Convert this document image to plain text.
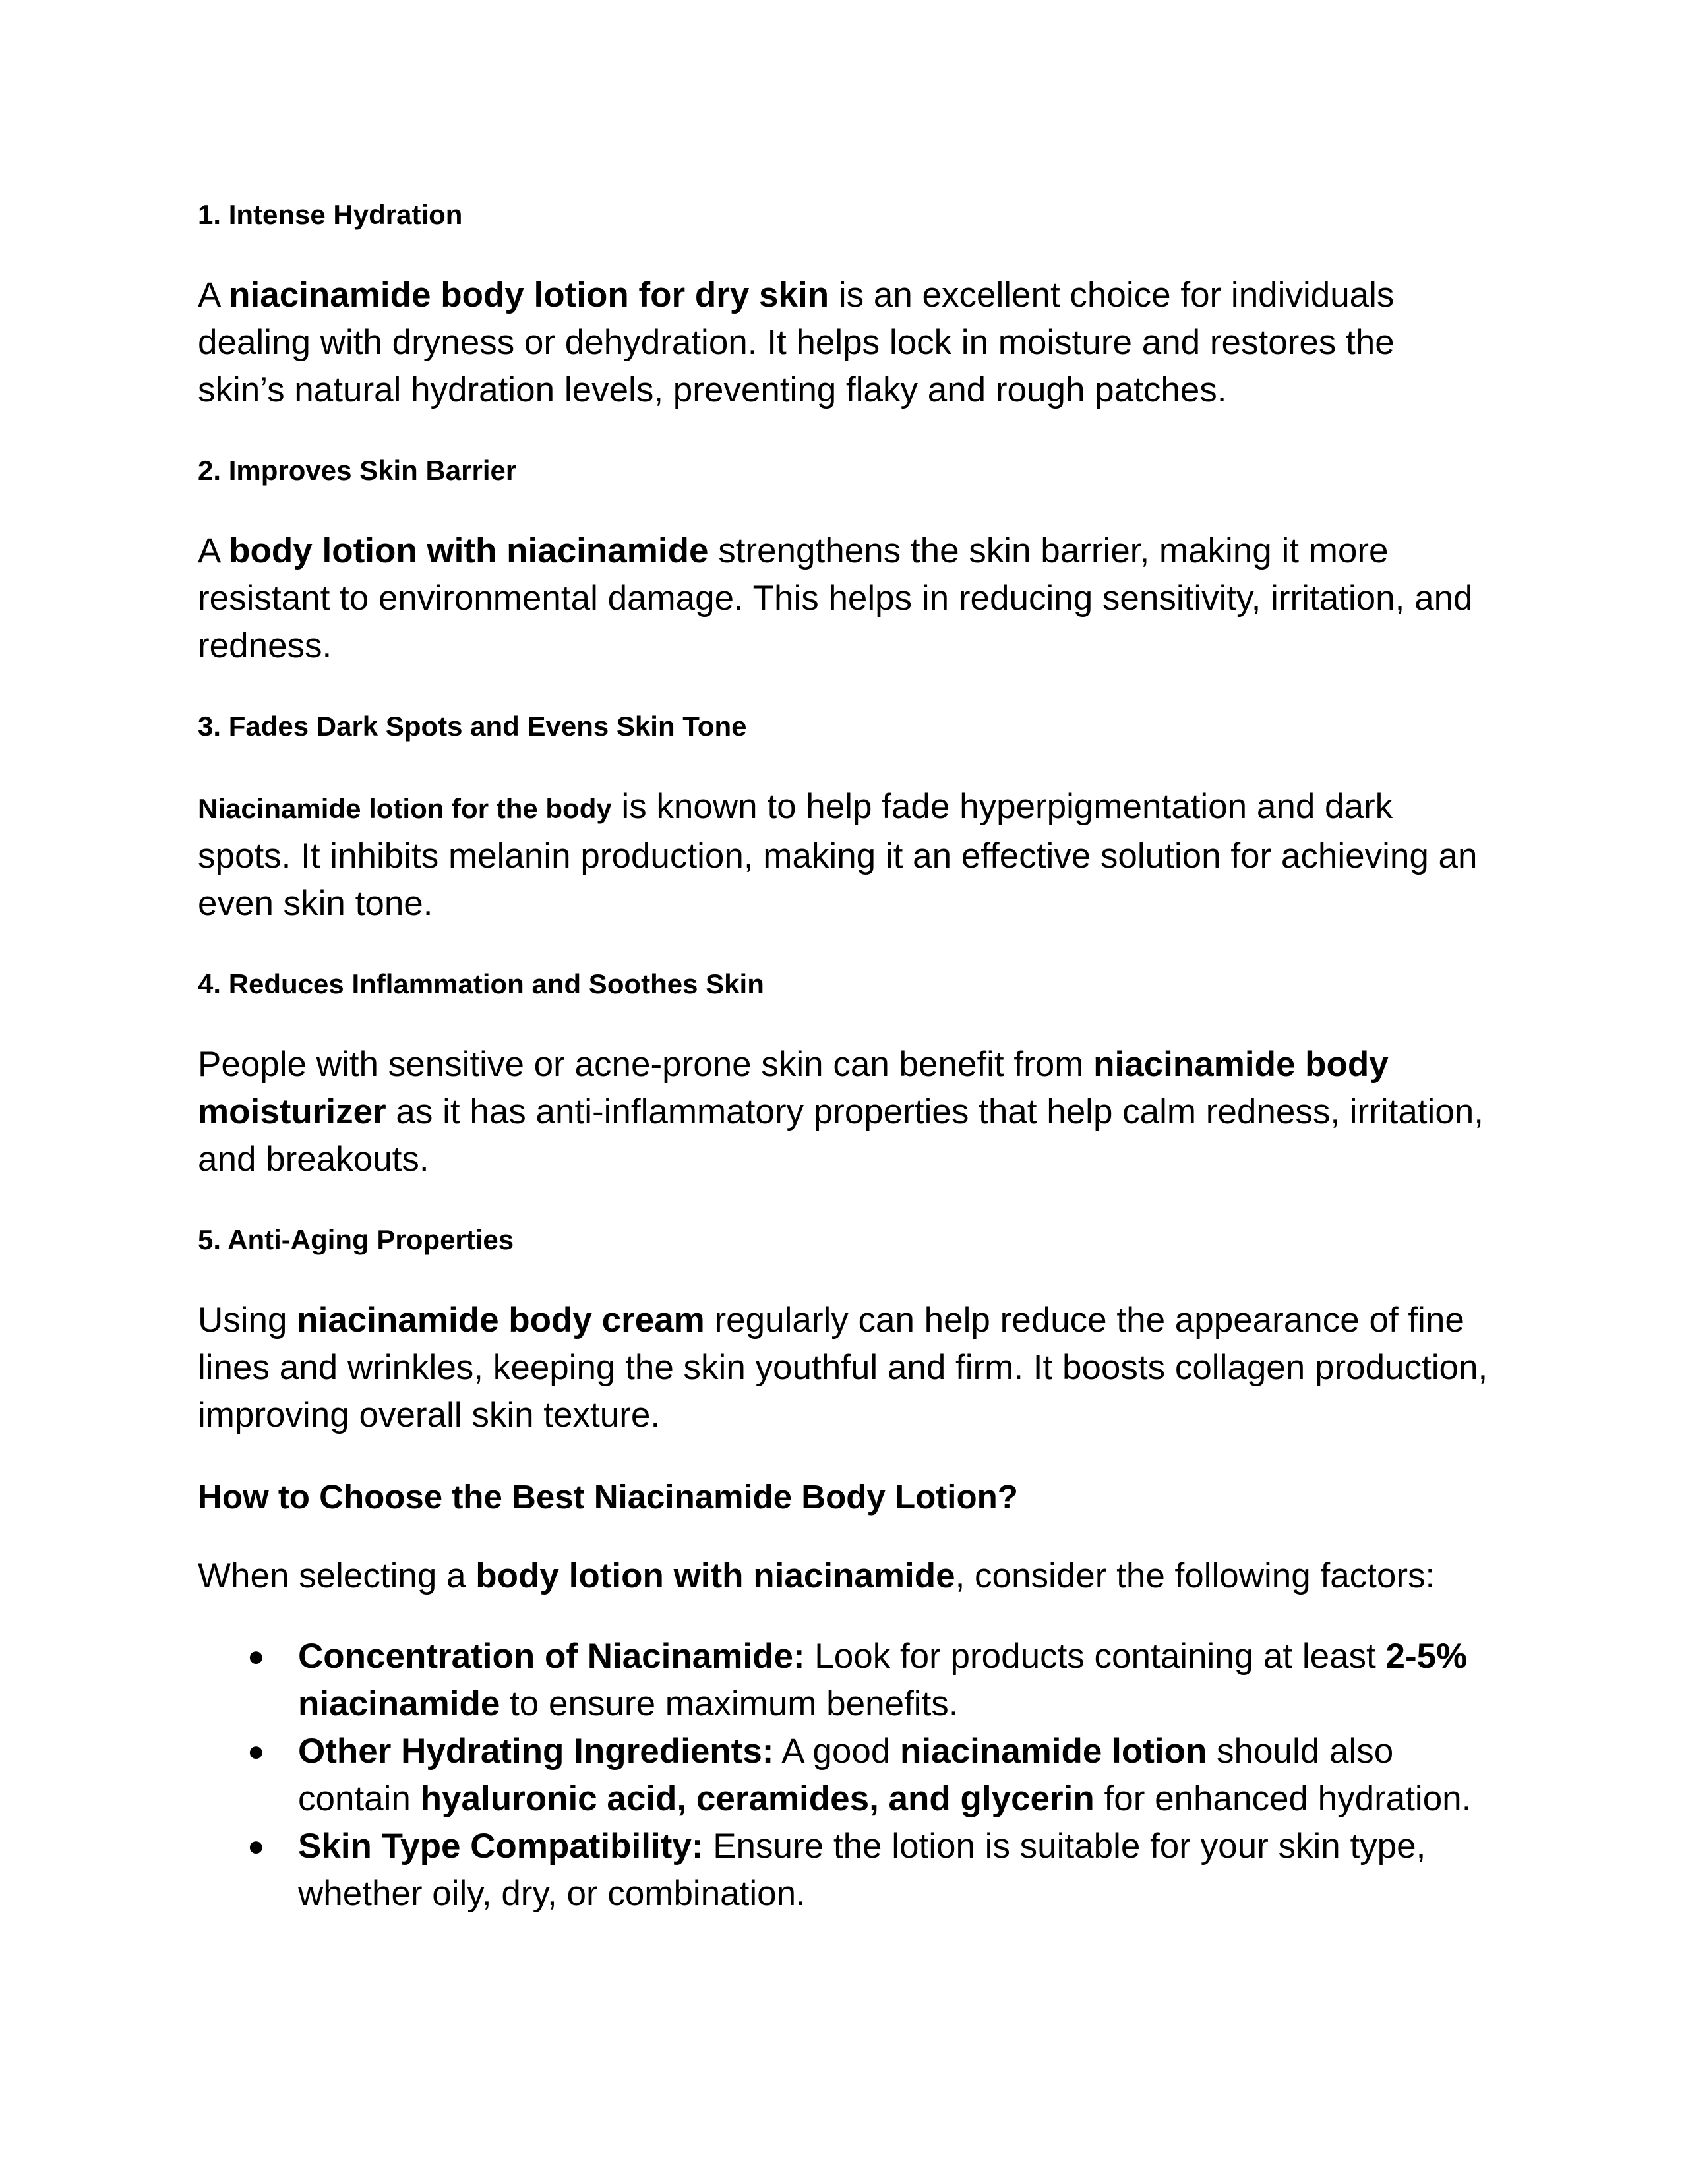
1. Intense Hydration

A niacinamide body lotion for dry skin is an excellent choice for individuals dealing with dryness or dehydration. It helps lock in moisture and restores the skin’s natural hydration levels, preventing flaky and rough patches.

2. Improves Skin Barrier

A body lotion with niacinamide strengthens the skin barrier, making it more resistant to environmental damage. This helps in reducing sensitivity, irritation, and redness.

3. Fades Dark Spots and Evens Skin Tone

Niacinamide lotion for the body is known to help fade hyperpigmentation and dark spots. It inhibits melanin production, making it an effective solution for achieving an even skin tone.

4. Reduces Inflammation and Soothes Skin

People with sensitive or acne-prone skin can benefit from niacinamide body moisturizer as it has anti-inflammatory properties that help calm redness, irritation, and breakouts.

5. Anti-Aging Properties

Using niacinamide body cream regularly can help reduce the appearance of fine lines and wrinkles, keeping the skin youthful and firm. It boosts collagen production, improving overall skin texture.

How to Choose the Best Niacinamide Body Lotion?

When selecting a body lotion with niacinamide, consider the following factors:

● Concentration of Niacinamide: Look for products containing at least 2-5% niacinamide to ensure maximum benefits.
● Other Hydrating Ingredients: A good niacinamide lotion should also contain hyaluronic acid, ceramides, and glycerin for enhanced hydration.
● Skin Type Compatibility: Ensure the lotion is suitable for your skin type, whether oily, dry, or combination.
